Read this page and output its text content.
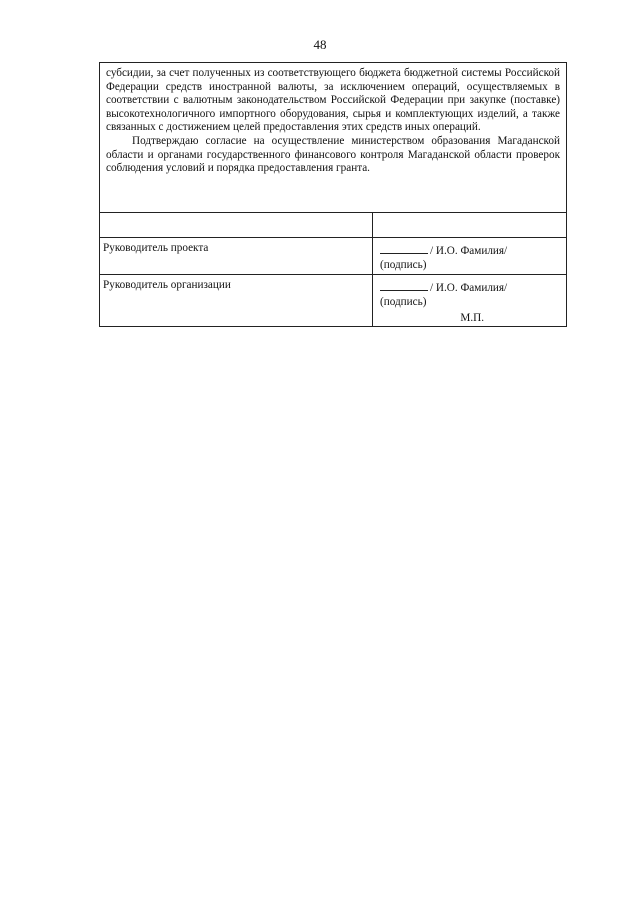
48

субсидии, за счет полученных из соответствующего бюджета бюджетной системы Российской Федерации средств иностранной валюты, за исключением операций, осуществляемых в соответствии с валютным законодательством Российской Федерации при закупке (поставке) высокотехнологичного импортного оборудования, сырья и комплектующих изделий, а также связанных с достижением целей предоставления этих средств иных операций.

Подтверждаю согласие на осуществление министерством образования Магаданской области и органами государственного финансового контроля Магаданской области проверок соблюдения условий и порядка предоставления гранта.	

Руководитель проекта	/ И.О. Фамилия/
(подпись)

Руководитель организации	/ И.О. Фамилия/
(подпись)
М.П.
